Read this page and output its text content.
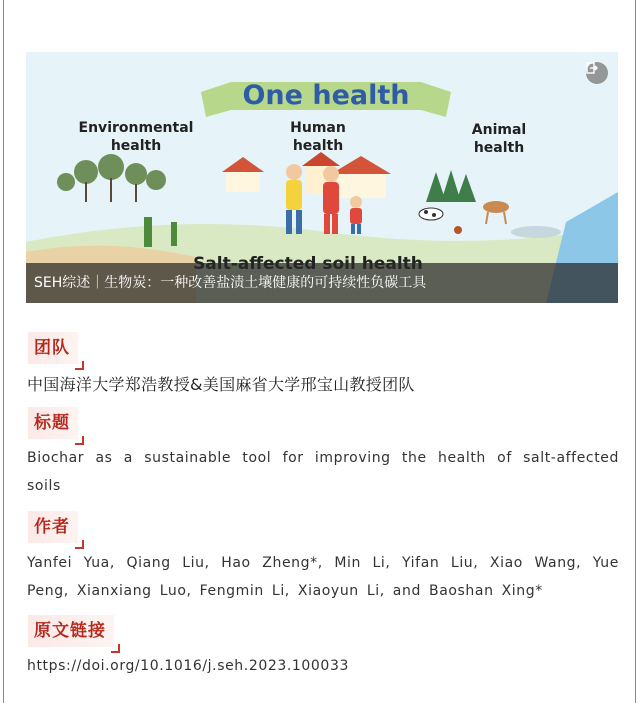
One health
Environmental health
Human health
Animal health
SEH综述｜生物炭：一种改善盐渍土壤健康的可持续性负碳工具
团队
中国海洋大学郑浩教授&美国麻省大学邢宝山教授团队
标题
Biochar as a sustainable tool for improving the health of salt-affected soils
作者
Yanfei Yua, Qiang Liu, Hao Zheng*, Min Li, Yifan Liu, Xiao Wang, Yue Peng, Xianxiang Luo, Fengmin Li, Xiaoyun Li, and Baoshan Xing*
原文链接
https://doi.org/10.1016/j.seh.2023.100033
